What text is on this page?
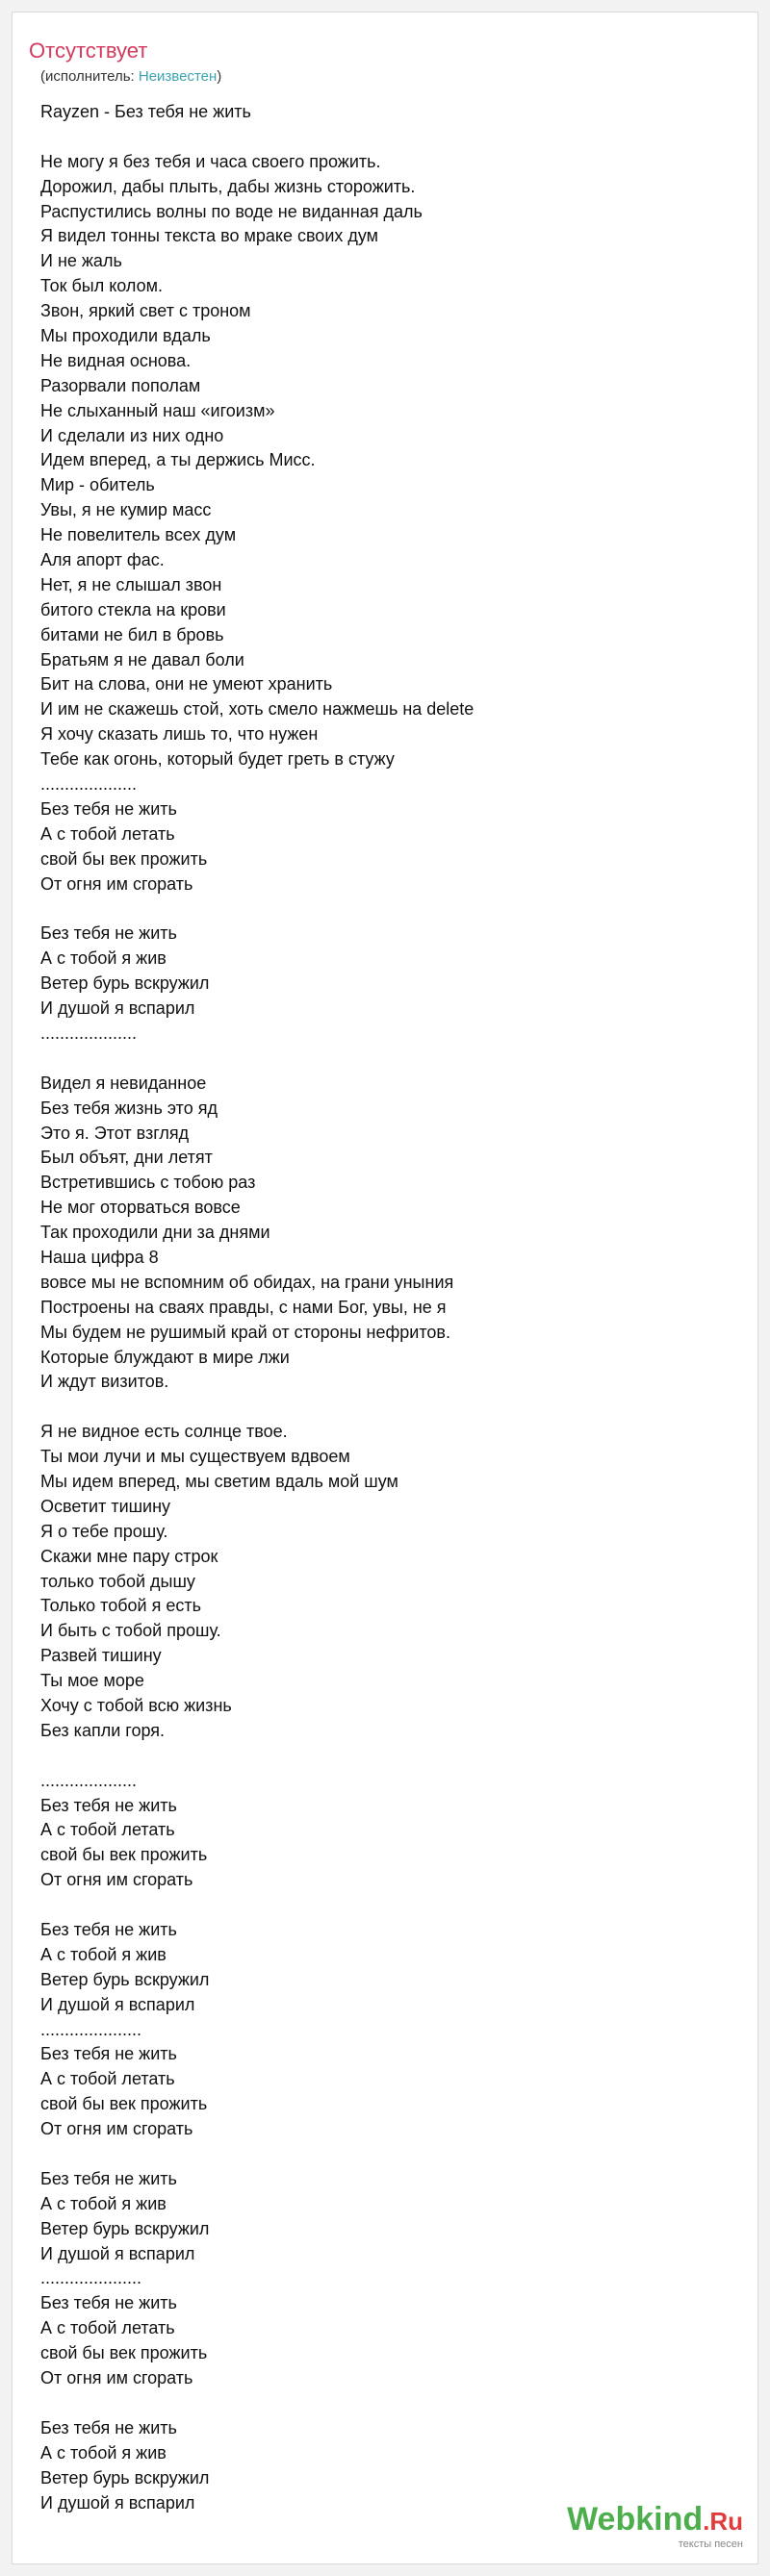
Отсутствует
(исполнитель: Неизвестен)
Rayzen - Без тебя не жить
Не могу я без тебя и часа своего прожить.
Дорожил, дабы плыть, дабы жизнь сторожить.
Распустились волны по воде не виданная даль
Я видел тонны текста во мраке своих дум
И не жаль
Ток был колом.
Звон, яркий свет с троном
Мы проходили вдаль
Не видная основа.
Разорвали пополам
Не слыханный наш «игоизм»
И сделали из них одно
Идем вперед, а ты держись Мисс.
Мир - обитель
Увы, я не кумир масс
Не повелитель всех дум
Аля апорт фас.
Нет, я не слышал звон
битого стекла на крови
битами не бил в бровь
Братьям я не давал боли
Бит на слова, они не умеют хранить
И им не скажешь стой, хоть смело нажмешь на delete
Я хочу сказать лишь то, что нужен
Тебе как огонь, который будет греть в стужу
....................
Без тебя не жить
А с тобой летать
свой бы век прожить
От огня им сгорать
Без тебя не жить
А с тобой я жив
Ветер бурь вскружил
И душой я вспарил
....................
Видел я невиданное
Без тебя жизнь это яд
Это я. Этот взгляд
Был объят, дни летят
Встретившись с тобою раз
Не мог оторваться вовсе
Так проходили дни за днями
Наша цифра 8
вовсе мы не вспомним об обидах, на грани уныния
Построены на сваях правды, с нами Бог, увы, не я
Мы будем не рушимый край от стороны нефритов.
Которые блуждают в мире лжи
И ждут визитов.
Я не видное есть солнце твое.
Ты мои лучи и мы существуем вдвоем
Мы идем вперед, мы светим вдаль мой шум
Осветит тишину
Я о тебе прошу.
Скажи мне пару строк
только тобой дышу
Только тобой я есть
И быть с тобой прошу.
Развей тишину
Ты мое море
Хочу с тобой всю жизнь
Без капли горя.
....................
Без тебя не жить
А с тобой летать
свой бы век прожить
От огня им сгорать
Без тебя не жить
А с тобой я жив
Ветер бурь вскружил
И душой я вспарил
.....................
Без тебя не жить
А с тобой летать
свой бы век прожить
От огня им сгорать
Без тебя не жить
А с тобой я жив
Ветер бурь вскружил
И душой я вспарил
.....................
Без тебя не жить
А с тобой летать
свой бы век прожить
От огня им сгорать
Без тебя не жить
А с тобой я жив
Ветер бурь вскружил
И душой я вспарил	Webkind.Ru
тексты песен
